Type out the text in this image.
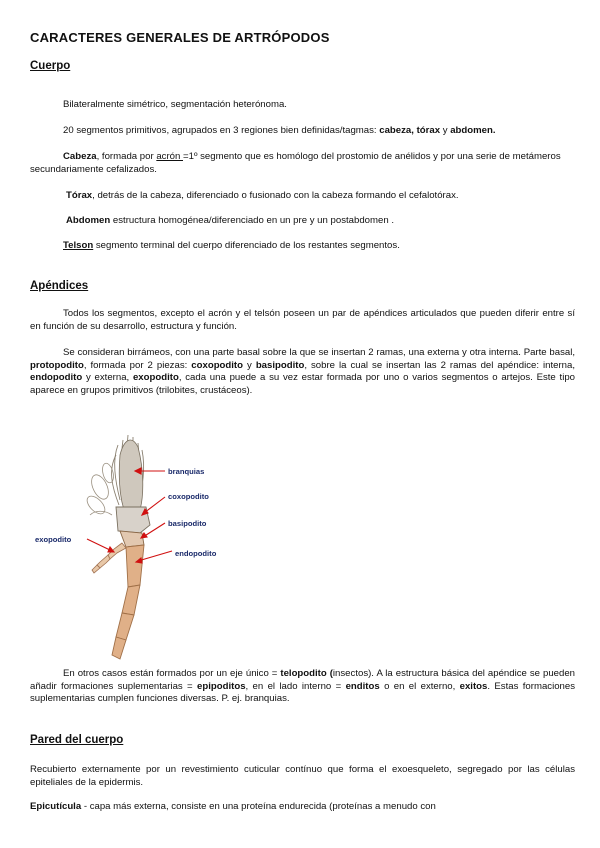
CARACTERES GENERALES DE ARTRÓPODOS
Cuerpo
Bilateralmente simétrico, segmentación heterónoma.
20 segmentos primitivos, agrupados en 3 regiones bien definidas/tagmas: cabeza, tórax y abdomen.
Cabeza, formada por acrón =1º segmento que es homólogo del prostomio de anélidos y por una serie de metámeros secundariamente cefalizados.
Tórax, detrás de la cabeza, diferenciado o fusionado con la cabeza formando el cefalotórax.
Abdomen estructura homogénea/diferenciado en un pre y un postabdomen .
Telson segmento terminal del cuerpo diferenciado de los restantes segmentos.
Apéndices
Todos los segmentos, excepto el acrón y el telsón poseen un par de apéndices articulados que pueden diferir entre sí en función de su desarrollo, estructura y función.
Se consideran birrámeos, con una parte basal sobre la que se insertan 2 ramas, una externa y otra interna. Parte basal, protopodito, formada por 2 piezas: coxopodito y basipodito, sobre la cual se insertan las 2 ramas del apéndice: interna, endopodito y externa, exopodito, cada una puede a su vez estar formada por uno o varios segmentos o artejos. Este tipo aparece en grupos primitivos (trilobites, crustáceos).
branquias
coxopodito
basipodito
exopodito
endopodito
En otros casos están formados por un eje único = telopodito (insectos). A la estructura básica del apéndice se pueden añadir formaciones suplementarias = epipoditos, en el lado interno = enditos o en el externo, exitos. Estas formaciones suplementarias cumplen funciones diversas. P. ej. branquias.
Pared del cuerpo
Recubierto externamente por un revestimiento cuticular contínuo que forma el exoesqueleto, segregado por las células epiteliales de la epidermis.
Epicutícula - capa más externa, consiste en una proteína endurecida (proteínas a menudo con
